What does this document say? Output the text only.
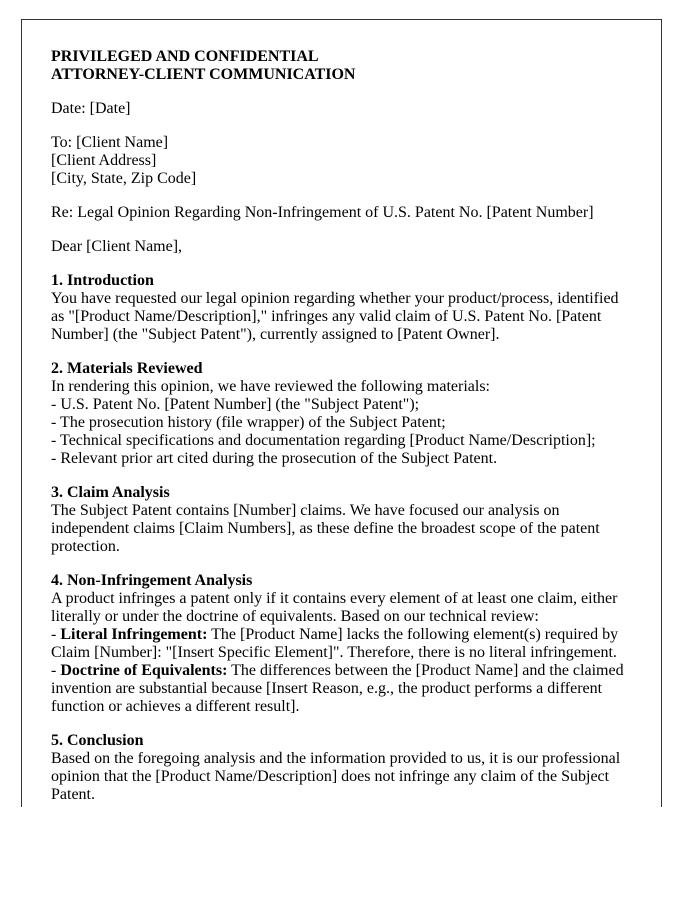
PRIVILEGED AND CONFIDENTIAL
ATTORNEY-CLIENT COMMUNICATION

Date: [Date]

To: [Client Name]
[Client Address]
[City, State, Zip Code]

Re: Legal Opinion Regarding Non-Infringement of U.S. Patent No. [Patent Number]

Dear [Client Name],

1. Introduction
You have requested our legal opinion regarding whether your product/process, identified as "[Product Name/Description]," infringes any valid claim of U.S. Patent No. [Patent Number] (the "Subject Patent"), currently assigned to [Patent Owner].
2. Materials Reviewed
In rendering this opinion, we have reviewed the following materials:
- U.S. Patent No. [Patent Number] (the "Subject Patent");
- The prosecution history (file wrapper) of the Subject Patent;
- Technical specifications and documentation regarding [Product Name/Description];
- Relevant prior art cited during the prosecution of the Subject Patent.
3. Claim Analysis
The Subject Patent contains [Number] claims. We have focused our analysis on independent claims [Claim Numbers], as these define the broadest scope of the patent protection.
4. Non-Infringement Analysis
A product infringes a patent only if it contains every element of at least one claim, either literally or under the doctrine of equivalents. Based on our technical review:
- Literal Infringement: The [Product Name] lacks the following element(s) required by Claim [Number]: "[Insert Specific Element]". Therefore, there is no literal infringement.
- Doctrine of Equivalents: The differences between the [Product Name] and the claimed invention are substantial because [Insert Reason, e.g., the product performs a different function or achieves a different result].
5. Conclusion
Based on the foregoing analysis and the information provided to us, it is our professional opinion that the [Product Name/Description] does not infringe any claim of the Subject Patent.
